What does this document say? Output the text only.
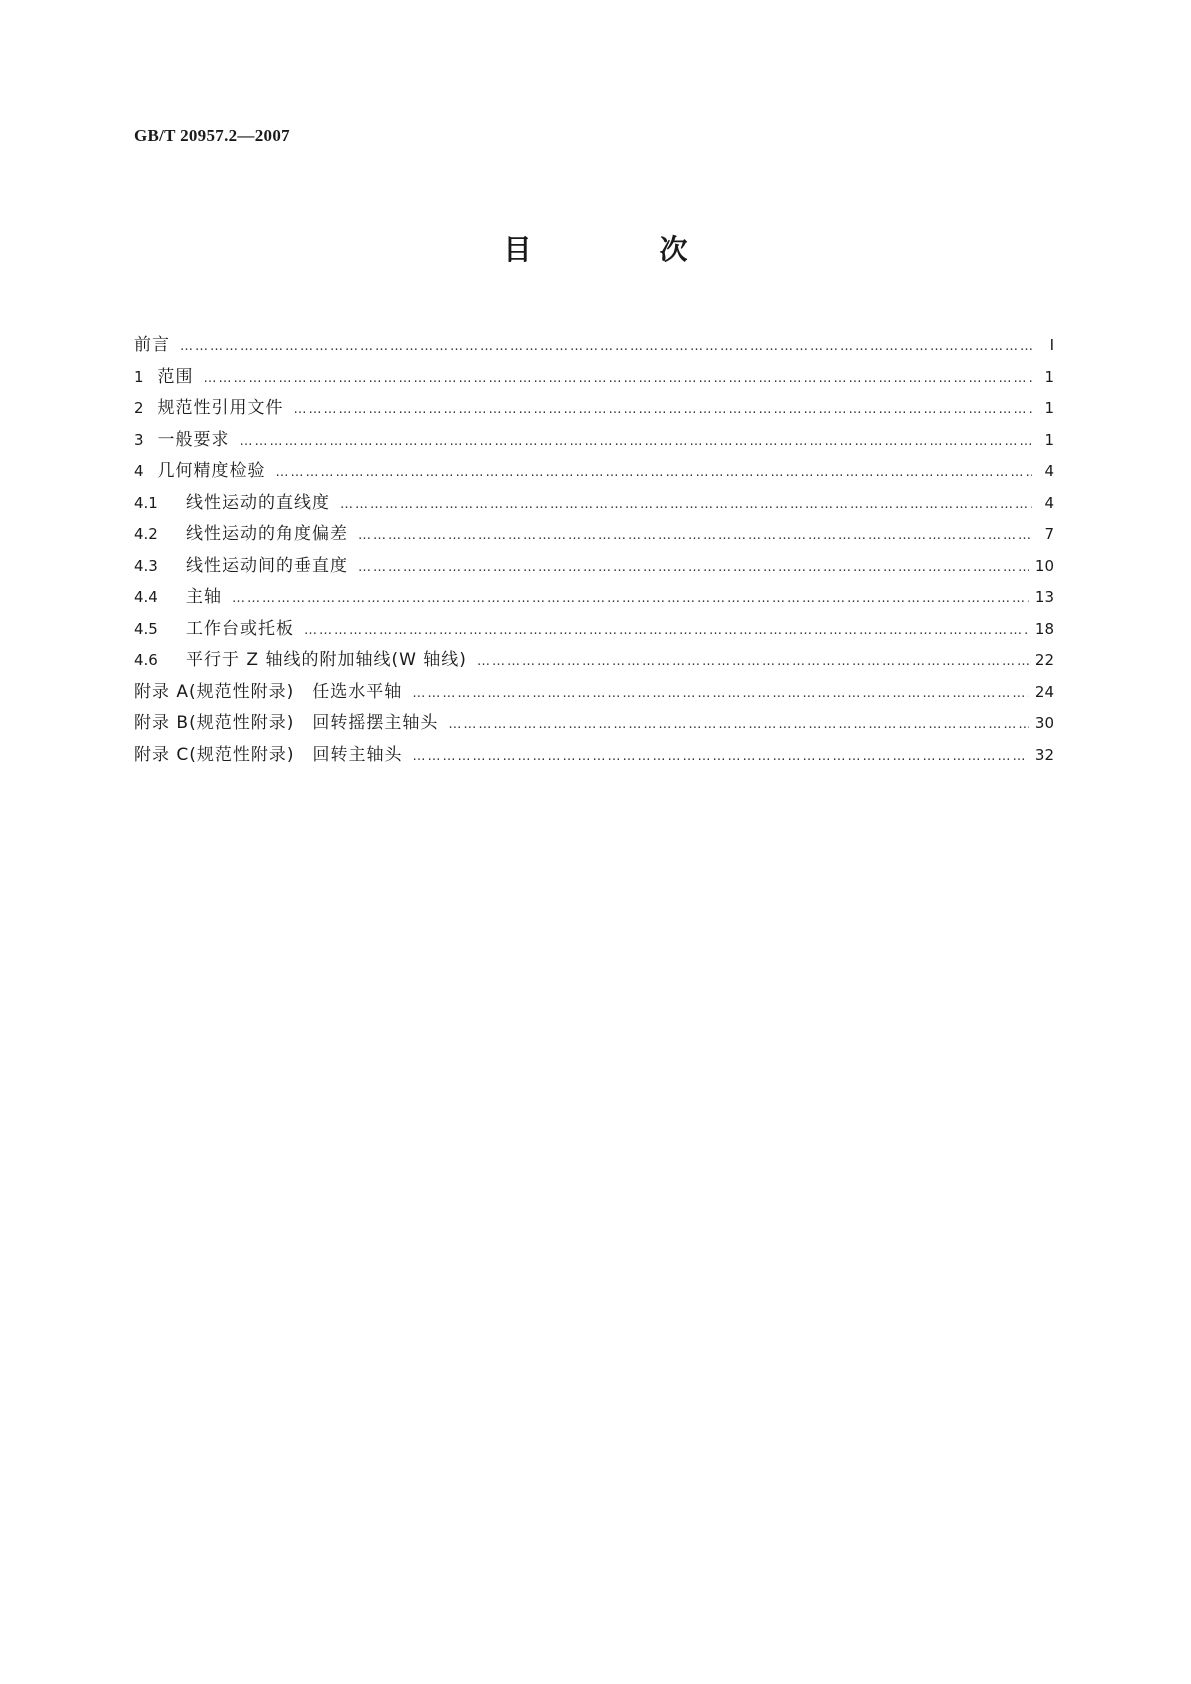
GB/T 20957.2—2007
目　次
前言 ……………………………………………………………………………………………………………………………………………………………………………………………	I
1 范围 ……………………………………………………………………………………………………………………………………………………………………………………………	1
2 规范性引用文件 ……………………………………………………………………………………………………………………………………………………………………………………………	1
3 一般要求 ……………………………………………………………………………………………………………………………………………………………………………………………	1
4 几何精度检验 ……………………………………………………………………………………………………………………………………………………………………………………………	4
4.1	线性运动的直线度 ……………………………………………………………………………………………………………………………………………………………………………………………	4
4.2	线性运动的角度偏差 ……………………………………………………………………………………………………………………………………………………………………………………………	7
4.3	线性运动间的垂直度 ……………………………………………………………………………………………………………………………………………………………………………………………	10
4.4	主轴 ……………………………………………………………………………………………………………………………………………………………………………………………	13
4.5	工作台或托板 ……………………………………………………………………………………………………………………………………………………………………………………………	18
4.6	平行于 Z 轴线的附加轴线(W 轴线) ……………………………………………………………………………………………………………………………………………………………………………………………	22
附录 A(规范性附录)　任选水平轴 ……………………………………………………………………………………………………………………………………………………………………………………………	24
附录 B(规范性附录)　回转摇摆主轴头 ……………………………………………………………………………………………………………………………………………………………………………………………	30
附录 C(规范性附录)　回转主轴头 ……………………………………………………………………………………………………………………………………………………………………………………………	32
